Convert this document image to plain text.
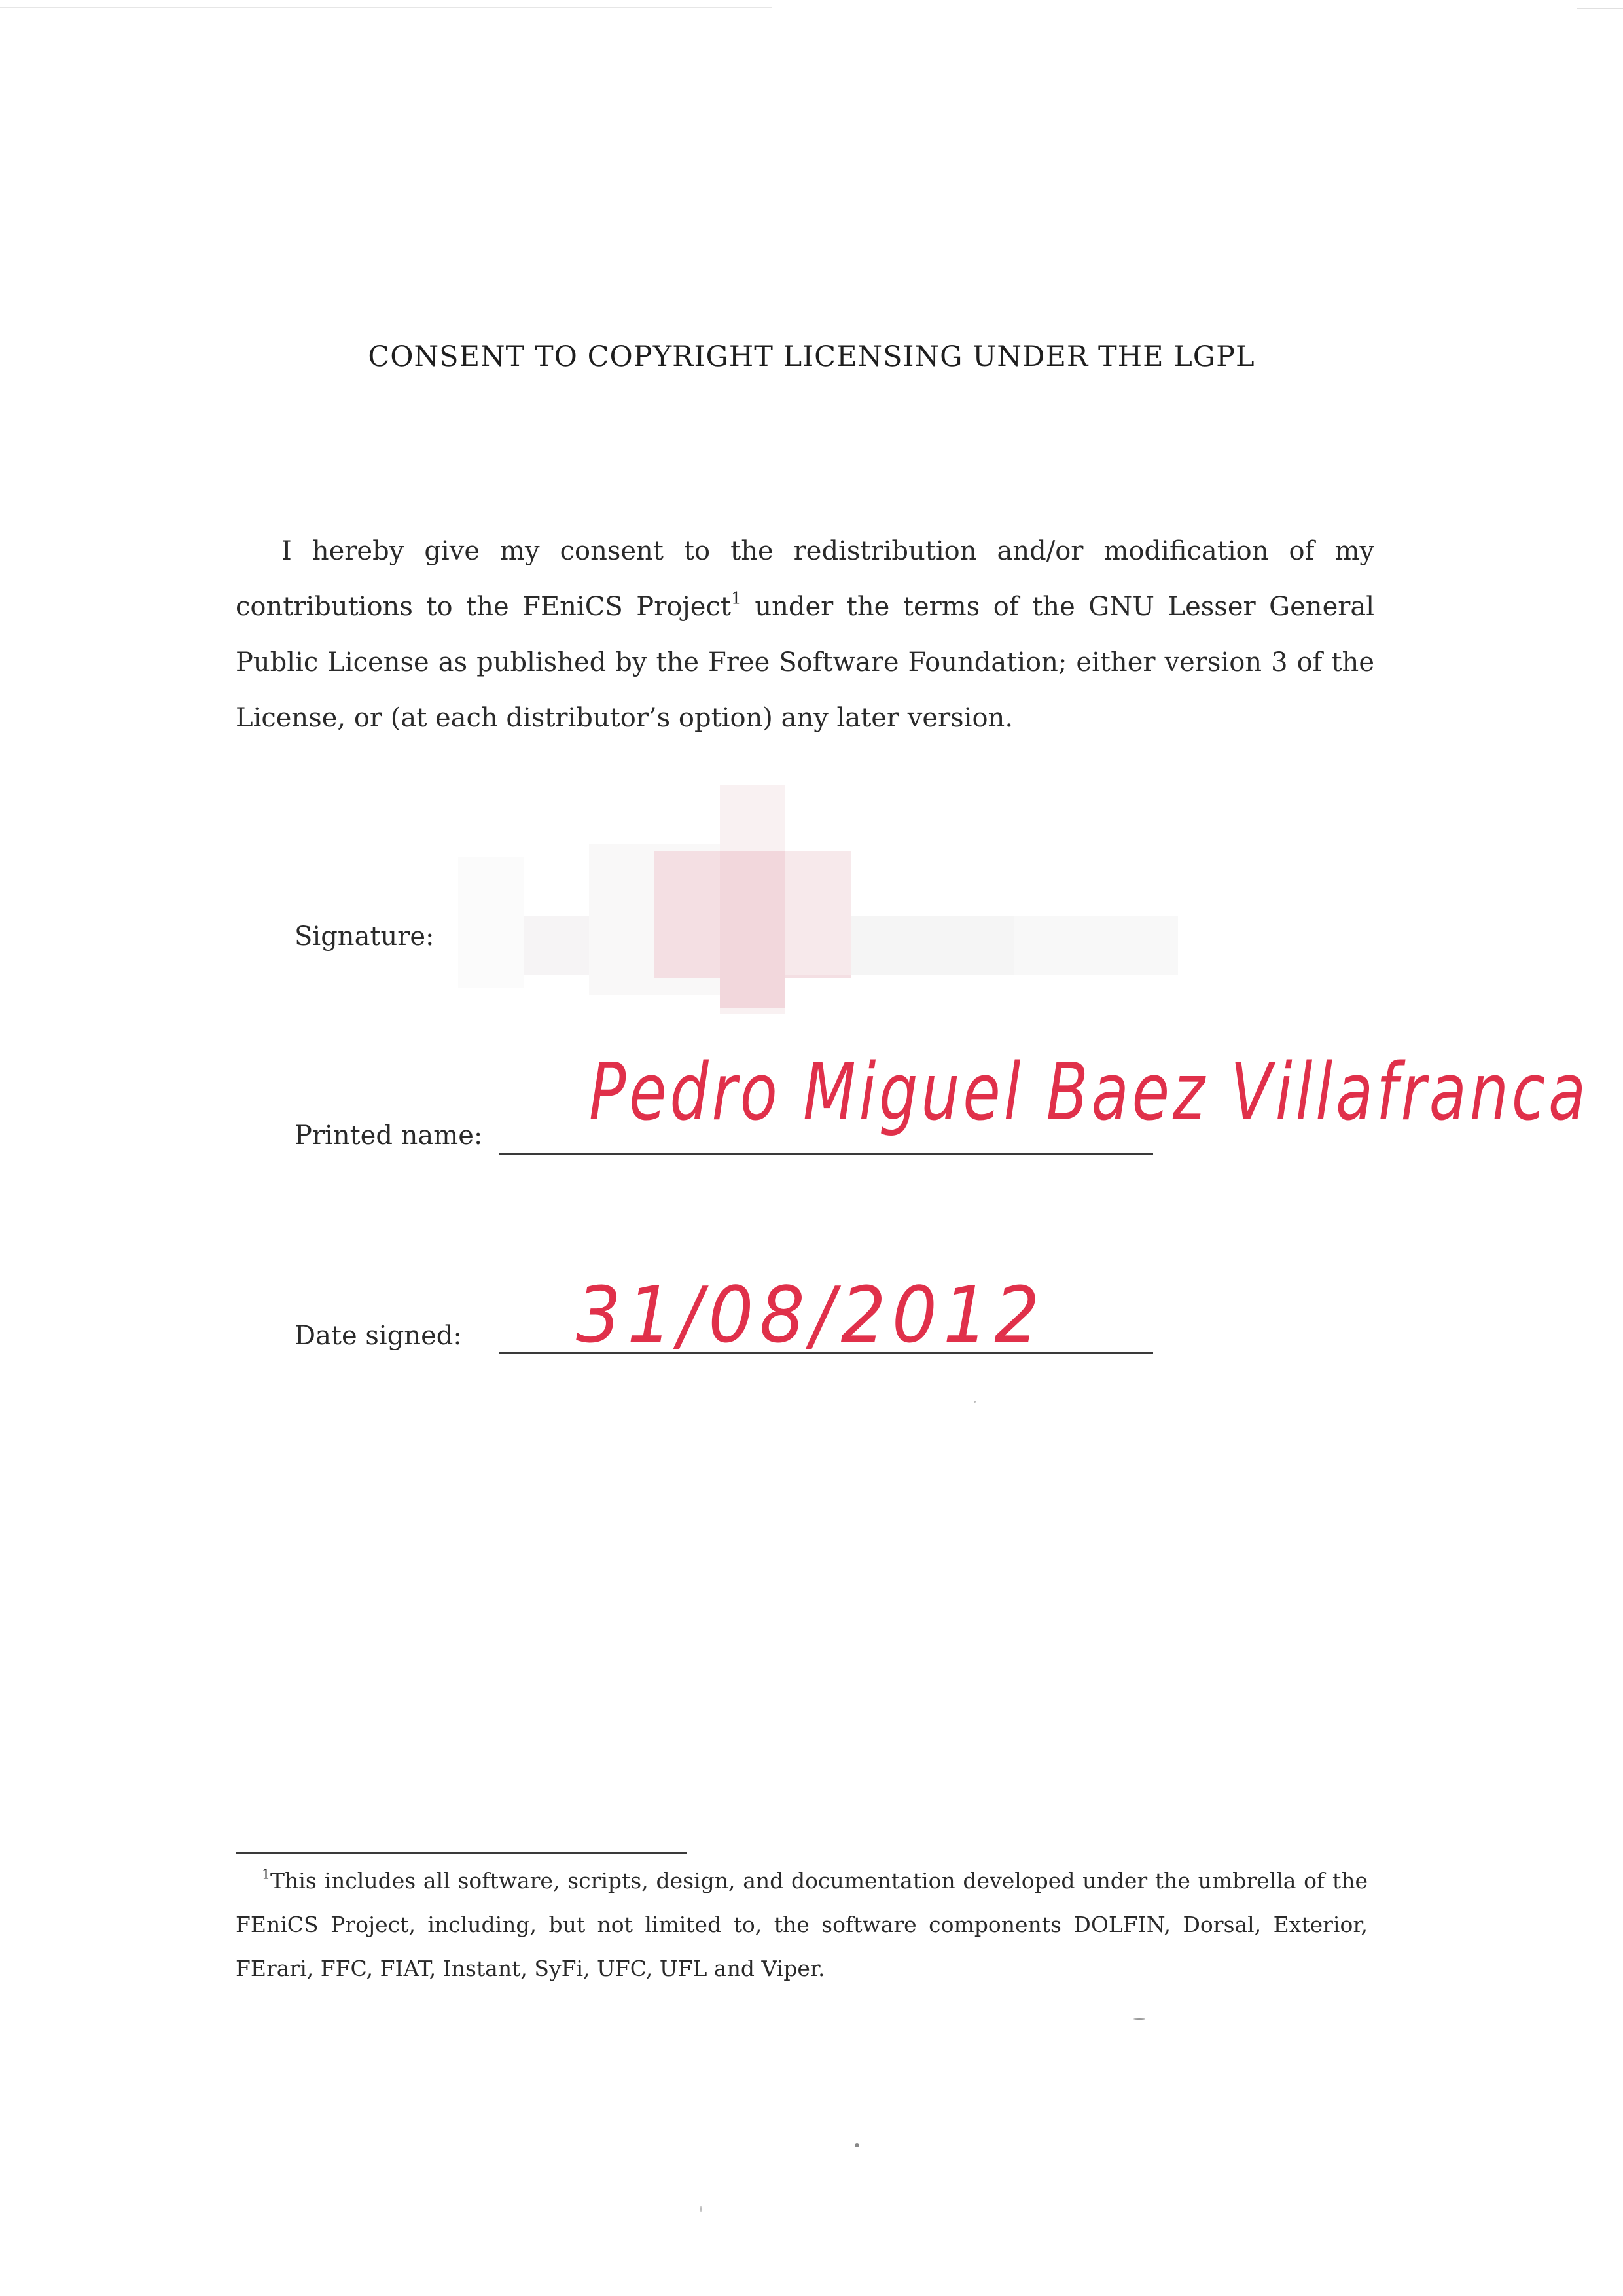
CONSENT TO COPYRIGHT LICENSING UNDER THE LGPL
I hereby give my consent to the redistribution and/or modification of my contributions to the FEniCS Project$^1$ under the terms of the GNU Lesser General Public License as published by the Free Software Foundation; either version 3 of the License, or (at each distributor’s option) any later version.
Signature:
Printed name: Pedro Miguel Baez Villafranca
Date signed: 31/08/2012
$^1$This includes all software, scripts, design, and documentation developed under the umbrella of the FEniCS Project, including, but not limited to, the software components DOLFIN, Dorsal, Exterior, FErari, FFC, FIAT, Instant, SyFi, UFC, UFL and Viper.
